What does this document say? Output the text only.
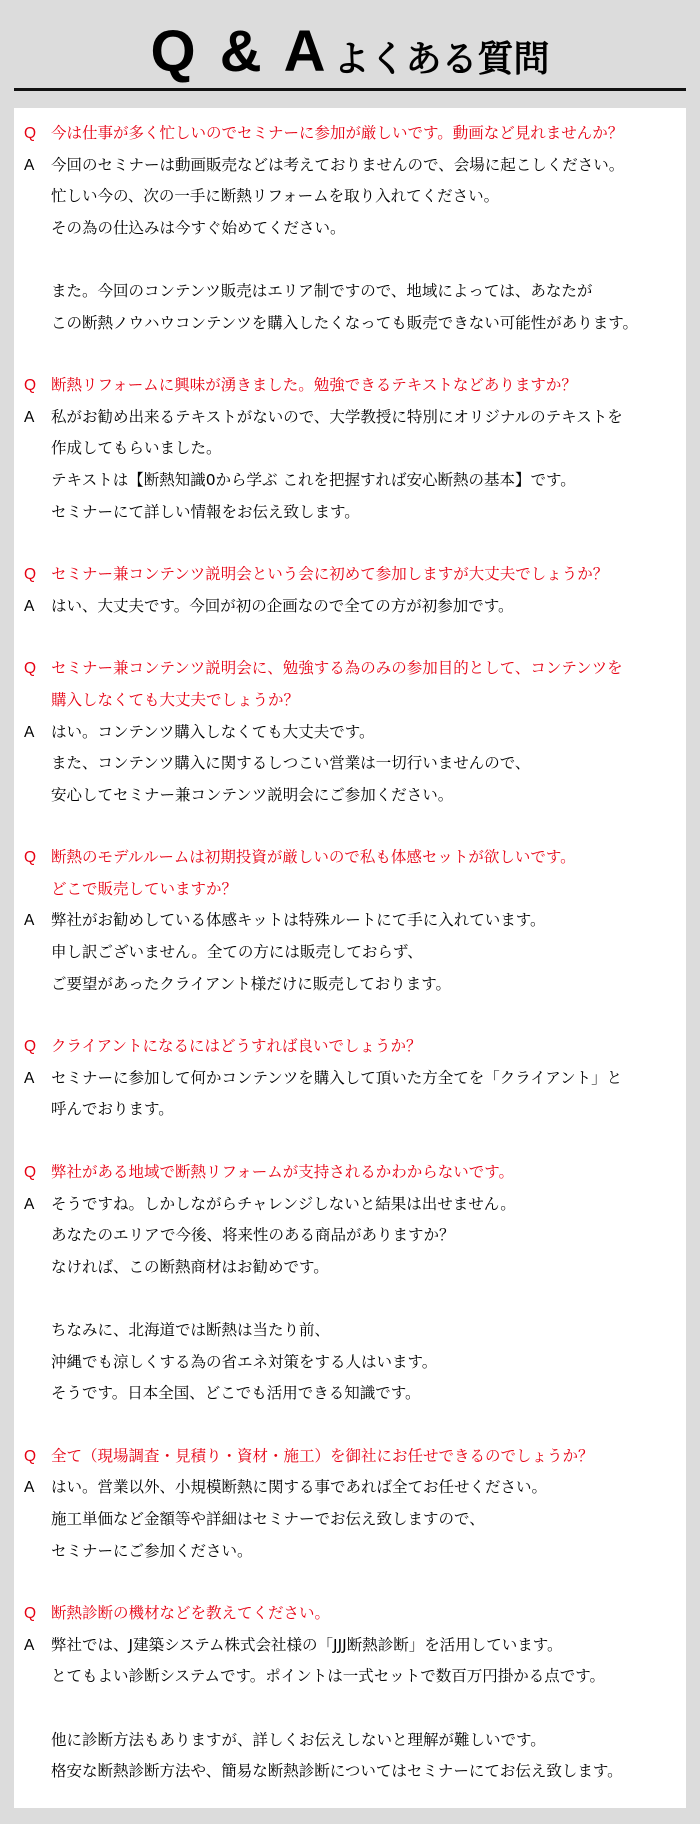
Q & A よくある質問
Q 今は仕事が多く忙しいのでセミナーに参加が厳しいです。動画など見れませんか？
A 今回のセミナーは動画販売などは考えておりませんので、会場に起こしください。
忙しい今の、次の一手に断熱リフォームを取り入れてください。
その為の仕込みは今すぐ始めてください。
また。今回のコンテンツ販売はエリア制ですので、地域によっては、あなたが
この断熱ノウハウコンテンツを購入したくなっても販売できない可能性があります。
Q 断熱リフォームに興味が湧きました。勉強できるテキストなどありますか？
A 私がお勧め出来るテキストがないので、大学教授に特別にオリジナルのテキストを
作成してもらいました。
テキストは【断熱知識0から学ぶ これを把握すれば安心断熱の基本】です。
セミナーにて詳しい情報をお伝え致します。
Q セミナー兼コンテンツ説明会という会に初めて参加しますが大丈夫でしょうか？
A はい、大丈夫です。今回が初の企画なので全ての方が初参加です。
Q セミナー兼コンテンツ説明会に、勉強する為のみの参加目的として、コンテンツを
購入しなくても大丈夫でしょうか？
A はい。コンテンツ購入しなくても大丈夫です。
また、コンテンツ購入に関するしつこい営業は一切行いませんので、
安心してセミナー兼コンテンツ説明会にご参加ください。
Q 断熱のモデルルームは初期投資が厳しいので私も体感セットが欲しいです。
どこで販売していますか？
A 弊社がお勧めしている体感キットは特殊ルートにて手に入れています。
申し訳ございません。全ての方には販売しておらず、
ご要望があったクライアント様だけに販売しております。
Q クライアントになるにはどうすれば良いでしょうか？
A セミナーに参加して何かコンテンツを購入して頂いた方全てを「クライアント」と
呼んでおります。
Q 弊社がある地域で断熱リフォームが支持されるかわからないです。
A そうですね。しかしながらチャレンジしないと結果は出せません。
あなたのエリアで今後、将来性のある商品がありますか？
なければ、この断熱商材はお勧めです。
ちなみに、北海道では断熱は当たり前、
沖縄でも涼しくする為の省エネ対策をする人はいます。
そうです。日本全国、どこでも活用できる知識です。
Q 全て（現場調査・見積り・資材・施工）を御社にお任せできるのでしょうか？
A はい。営業以外、小規模断熱に関する事であれば全てお任せください。
施工単価など金額等や詳細はセミナーでお伝え致しますので、
セミナーにご参加ください。
Q 断熱診断の機材などを教えてください。
A 弊社では、J建築システム株式会社様の「JJJ断熱診断」を活用しています。
とてもよい診断システムです。ポイントは一式セットで数百万円掛かる点です。
他に診断方法もありますが、詳しくお伝えしないと理解が難しいです。
格安な断熱診断方法や、簡易な断熱診断についてはセミナーにてお伝え致します。
